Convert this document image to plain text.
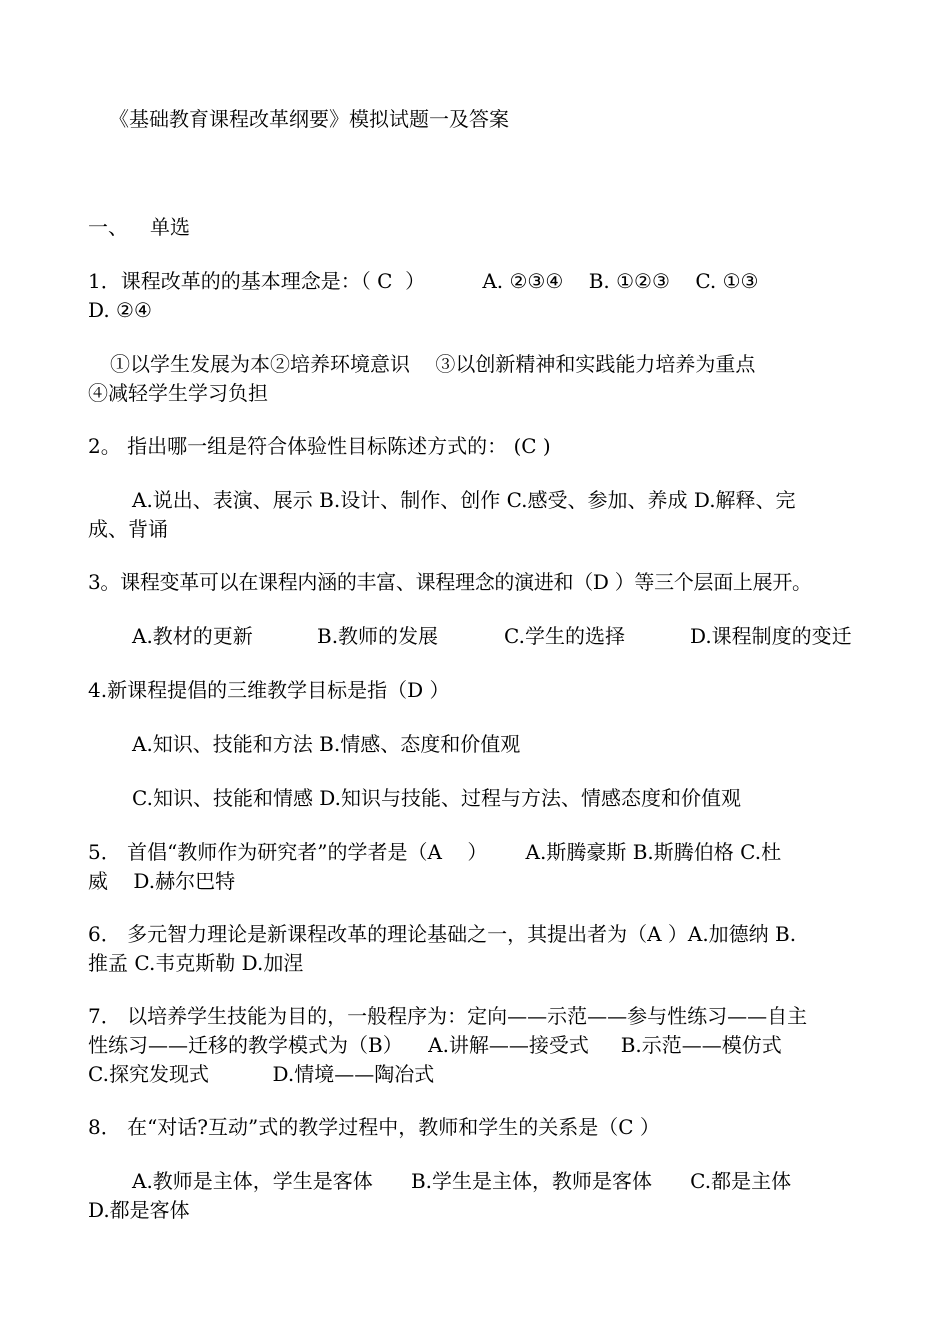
《基础教育课程改革纲要》模拟试题一及答案
一、 单选
1．课程改革的的基本理念是：（ C  ）         A. ②③④    B. ①②③    C. ①③
D. ②④
①以学生发展为本②培养环境意识    ③以创新精神和实践能力培养为重点
④减轻学生学习负担
2。 指出哪一组是符合体验性目标陈述方式的： (C )
A.说出、表演、展示 B.设计、制作、创作 C.感受、参加、养成 D.解释、完
成、背诵
3。课程变革可以在课程内涵的丰富、课程理念的演进和（D ）等三个层面上展开。
A.教材的更新	B.教师的发展	C.学生的选择	D.课程制度的变迁
4.新课程提倡的三维教学目标是指（D ）
A.知识、技能和方法 B.情感、态度和价值观
C.知识、技能和情感 D.知识与技能、过程与方法、情感态度和价值观
5． 首倡“教师作为研究者”的学者是（A    ）      A.斯腾豪斯 B.斯腾伯格 C.杜
威    D.赫尔巴特
6． 多元智力理论是新课程改革的理论基础之一，其提出者为（A ）A.加德纳 B.
推孟 C.韦克斯勒 D.加涅
7． 以培养学生技能为目的，一般程序为：定向——示范——参与性练习——自主
性练习——迁移的教学模式为（B）    A.讲解——接受式     B.示范——模仿式
C.探究发现式          D.情境——陶冶式
8． 在“对话?互动”式的教学过程中，教师和学生的关系是（C ）
A.教师是主体，学生是客体      B.学生是主体，教师是客体      C.都是主体
D.都是客体
